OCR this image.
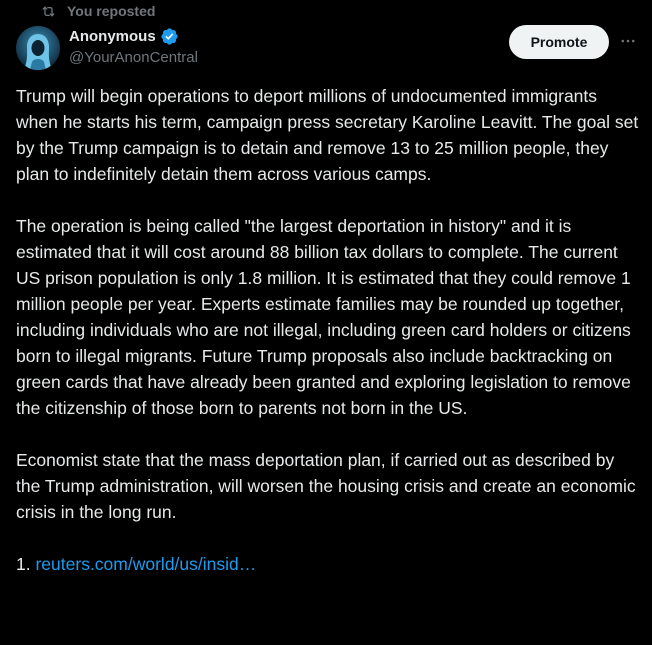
You reposted
Anonymous
@YourAnonCentral
Promote

Trump will begin operations to deport millions of undocumented immigrants when he starts his term, campaign press secretary Karoline Leavitt. The goal set by the Trump campaign is to detain and remove 13 to 25 million people, they plan to indefinitely detain them across various camps.

The operation is being called "the largest deportation in history" and it is estimated that it will cost around 88 billion tax dollars to complete. The current US prison population is only 1.8 million. It is estimated that they could remove 1 million people per year. Experts estimate families may be rounded up together, including individuals who are not illegal, including green card holders or citizens born to illegal migrants. Future Trump proposals also include backtracking on green cards that have already been granted and exploring legislation to remove the citizenship of those born to parents not born in the US.

Economist state that the mass deportation plan, if carried out as described by the Trump administration, will worsen the housing crisis and create an economic crisis in the long run.

1. reuters.com/world/us/insid…
